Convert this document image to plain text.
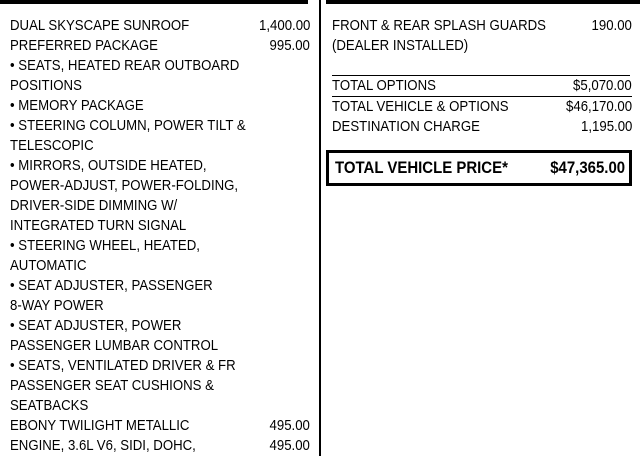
DUAL SKYSCAPE SUNROOF	1,400.00
PREFERRED PACKAGE	995.00
• SEATS, HEATED REAR OUTBOARD
POSITIONS
• MEMORY PACKAGE
• STEERING COLUMN, POWER TILT &
TELESCOPIC
• MIRRORS, OUTSIDE HEATED,
POWER-ADJUST, POWER-FOLDING,
DRIVER-SIDE DIMMING W/
INTEGRATED TURN SIGNAL
• STEERING WHEEL, HEATED,
AUTOMATIC
• SEAT ADJUSTER, PASSENGER
8-WAY POWER
• SEAT ADJUSTER, POWER
PASSENGER LUMBAR CONTROL
• SEATS, VENTILATED DRIVER & FR
PASSENGER SEAT CUSHIONS &
SEATBACKS
EBONY TWILIGHT METALLIC	495.00
ENGINE, 3.6L V6, SIDI, DOHC,	495.00
FRONT & REAR SPLASH GUARDS	190.00
(DEALER INSTALLED)
TOTAL OPTIONS	$5,070.00
TOTAL VEHICLE & OPTIONS	$46,170.00
DESTINATION CHARGE	1,195.00
TOTAL VEHICLE PRICE* $47,365.00
